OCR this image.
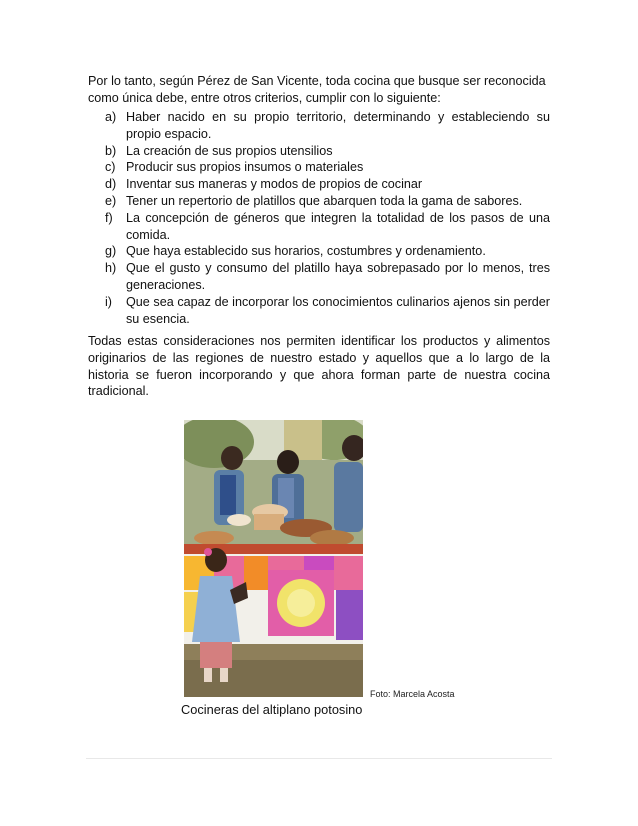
Por lo tanto, según Pérez de San Vicente, toda cocina que busque ser reconocida como única debe, entre otros criterios, cumplir con lo siguiente:

a) Haber nacido en su propio territorio, determinando y estableciendo su propio espacio.
b) La creación de sus propios utensilios
c) Producir sus propios insumos o materiales
d) Inventar sus maneras y modos de propios de cocinar
e) Tener un repertorio de platillos que abarquen toda la gama de sabores.
f) La concepción de géneros que integren la totalidad de los pasos de una comida.
g) Que haya establecido sus horarios, costumbres y ordenamiento.
h) Que el gusto y consumo del platillo haya sobrepasado por lo menos, tres generaciones.
i) Que sea capaz de incorporar los conocimientos culinarios ajenos sin perder su esencia.

Todas estas consideraciones nos permiten identificar los productos y alimentos originarios de las regiones de nuestro estado y aquellos que a lo largo de la historia se fueron incorporando y que ahora forman parte de nuestra cocina tradicional.

Foto: Marcela Acosta

Cocineras del altiplano potosino
